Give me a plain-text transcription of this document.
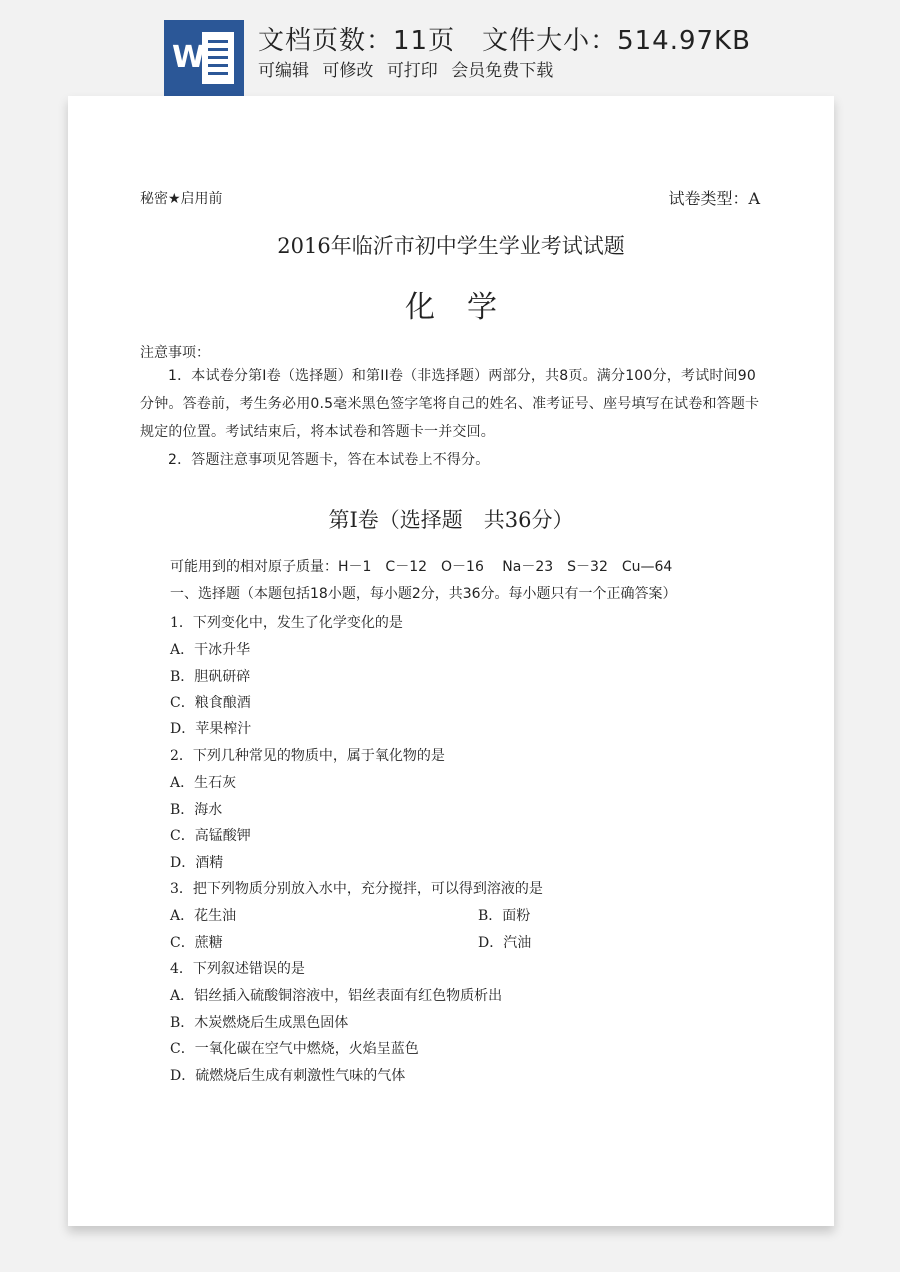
W 文档页数：11页　文件大小：514.97KB
可编辑 可修改 可打印 会员免费下载
秘密★启用前	试卷类型：A
2016年临沂市初中学生学业考试试题
化学
注意事项：
1．本试卷分第I卷（选择题）和第II卷（非选择题）两部分，共8页。满分100分，考试时间90分钟。答卷前，考生务必用0.5毫米黑色签字笔将自己的姓名、准考证号、座号填写在试卷和答题卡规定的位置。考试结束后，将本试卷和答题卡一并交回。
2．答题注意事项见答题卡，答在本试卷上不得分。
第I卷（选择题　共36分）
可能用到的相对原子质量：H－1　C－12　O－16　 Na－23　S－32　Cu—64
一、选择题（本题包括18小题，每小题2分，共36分。每小题只有一个正确答案）
1．下列变化中，发生了化学变化的是
A．干冰升华
B．胆矾研碎
C．粮食酿酒
D．苹果榨汁
2．下列几种常见的物质中，属于氧化物的是
A．生石灰
B．海水
C．高锰酸钾
D．酒精
3．把下列物质分别放入水中，充分搅拌，可以得到溶液的是
A．花生油	B．面粉
C．蔗糖	D．汽油
4．下列叙述错误的是
A．铝丝插入硫酸铜溶液中，铝丝表面有红色物质析出
B．木炭燃烧后生成黑色固体
C．一氧化碳在空气中燃烧，火焰呈蓝色
D．硫燃烧后生成有刺激性气味的气体
